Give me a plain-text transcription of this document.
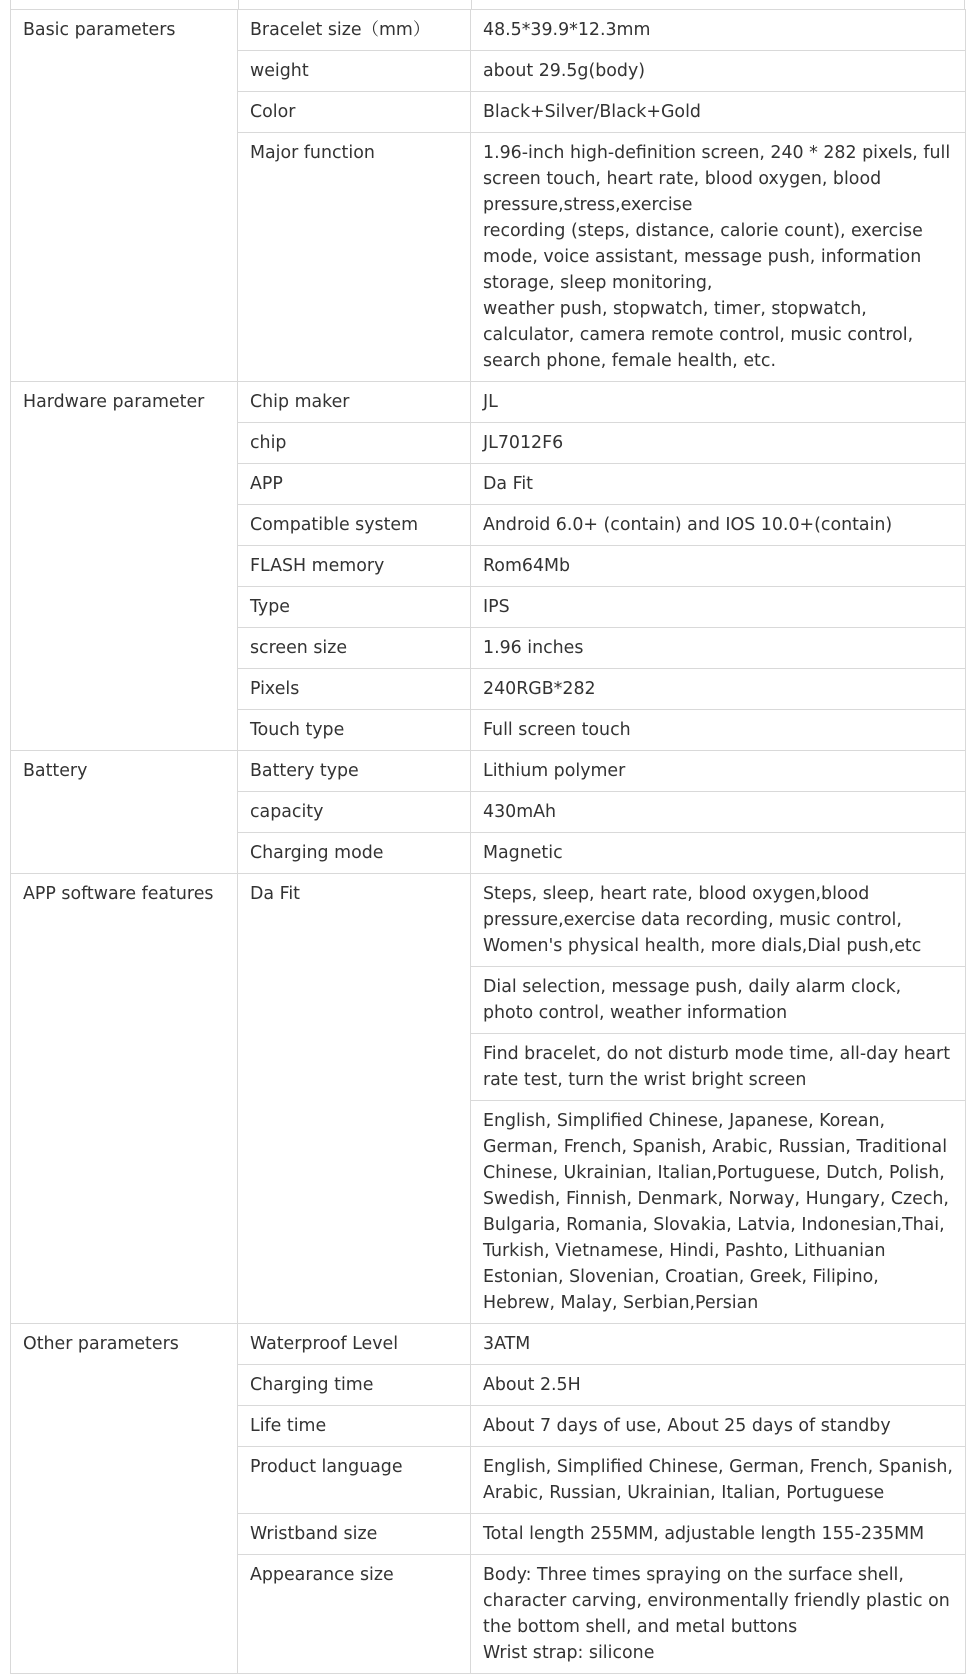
Basic parameters	Bracelet size（mm）	48.5*39.9*12.3mm
	weight	about 29.5g(body)
	Color	Black+Silver/Black+Gold
	Major function	1.96-inch high-definition screen, 240 * 282 pixels, full screen touch, heart rate, blood oxygen, blood pressure,stress,exercise
recording (steps, distance, calorie count), exercise mode, voice assistant, message push, information storage, sleep monitoring,
weather push, stopwatch, timer, stopwatch, calculator, camera remote control, music control, search phone, female health, etc.
Hardware parameter	Chip maker	JL
	chip	JL7012F6
	APP	Da Fit
	Compatible system	Android 6.0+ (contain) and IOS 10.0+(contain)
	FLASH memory	Rom64Mb
	Type	IPS
	screen size	1.96 inches
	Pixels	240RGB*282
	Touch type	Full screen touch
Battery	Battery type	Lithium polymer
	capacity	430mAh
	Charging mode	Magnetic
APP software features	Da Fit	Steps, sleep, heart rate, blood oxygen,blood pressure,exercise data recording, music control, Women's physical health, more dials,Dial push,etc
		Dial selection, message push, daily alarm clock, photo control, weather information
		Find bracelet, do not disturb mode time, all-day heart rate test, turn the wrist bright screen
		English, Simplified Chinese, Japanese, Korean, German, French, Spanish, Arabic, Russian, Traditional Chinese, Ukrainian, Italian,Portuguese, Dutch, Polish, Swedish, Finnish, Denmark, Norway, Hungary, Czech, Bulgaria, Romania, Slovakia, Latvia, Indonesian,Thai, Turkish, Vietnamese, Hindi, Pashto, Lithuanian Estonian, Slovenian, Croatian, Greek, Filipino, Hebrew, Malay, Serbian,Persian
Other parameters	Waterproof Level	3ATM
	Charging time	About 2.5H
	Life time	About 7 days of use, About 25 days of standby
	Product language	English, Simplified Chinese, German, French, Spanish, Arabic, Russian, Ukrainian, Italian, Portuguese
	Wristband size	Total length 255MM, adjustable length 155-235MM
	Appearance size	Body: Three times spraying on the surface shell, character carving, environmentally friendly plastic on the bottom shell, and metal buttons
Wrist strap: silicone
